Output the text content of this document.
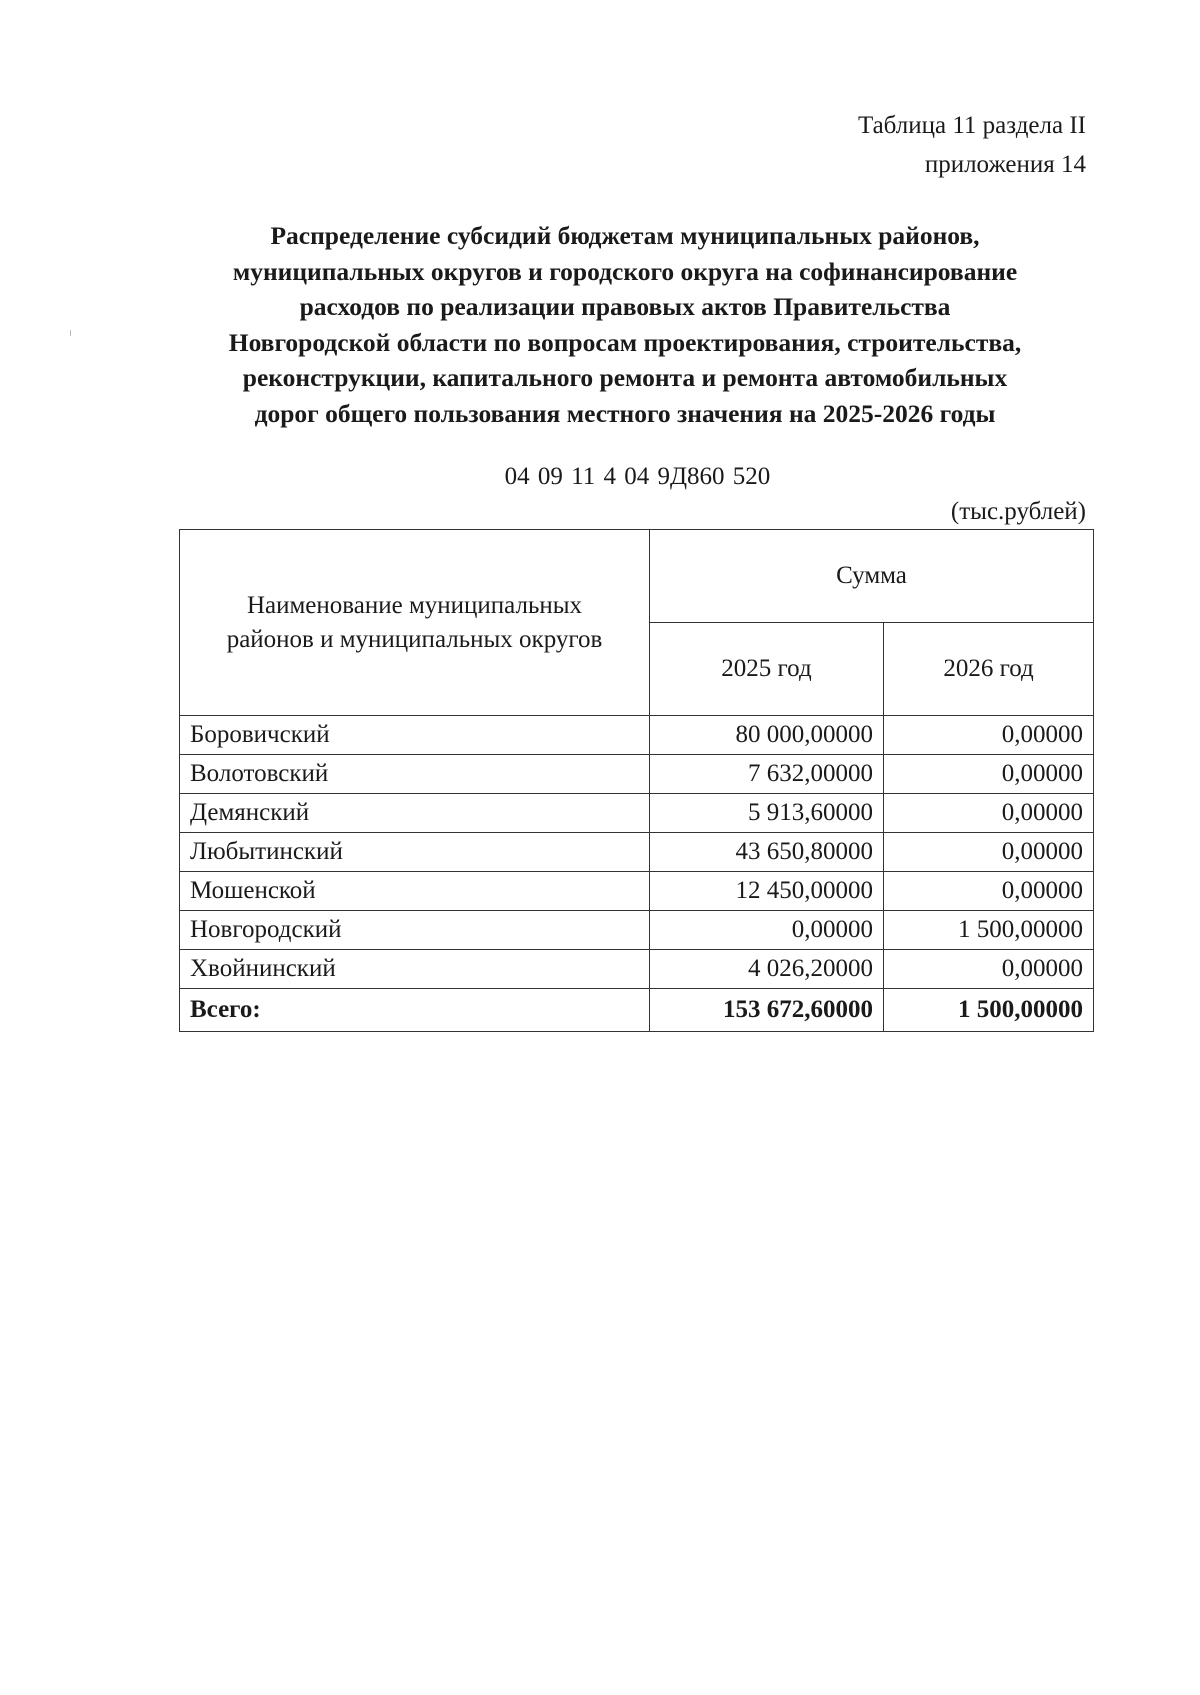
Таблица 11 раздела II
приложения 14
Распределение субсидий бюджетам муниципальных районов,
муниципальных округов и городского округа на софинансирование
расходов по реализации правовых актов Правительства
Новгородской области по вопросам проектирования, строительства,
реконструкции, капитального ремонта и ремонта автомобильных
дорог общего пользования местного значения на 2025-2026 годы
04 09 11 4 04 9Д860 520
(тыс.рублей)
Наименование муниципальных
районов и муниципальных округов	Сумма	
	2025 год	2026 год
Боровичский	80 000,00000	0,00000
Волотовский	7 632,00000	0,00000
Демянский	5 913,60000	0,00000
Любытинский	43 650,80000	0,00000
Мошенской	12 450,00000	0,00000
Новгородский	0,00000	1 500,00000
Хвойнинский	4 026,20000	0,00000
Всего:	153 672,60000	1 500,00000
